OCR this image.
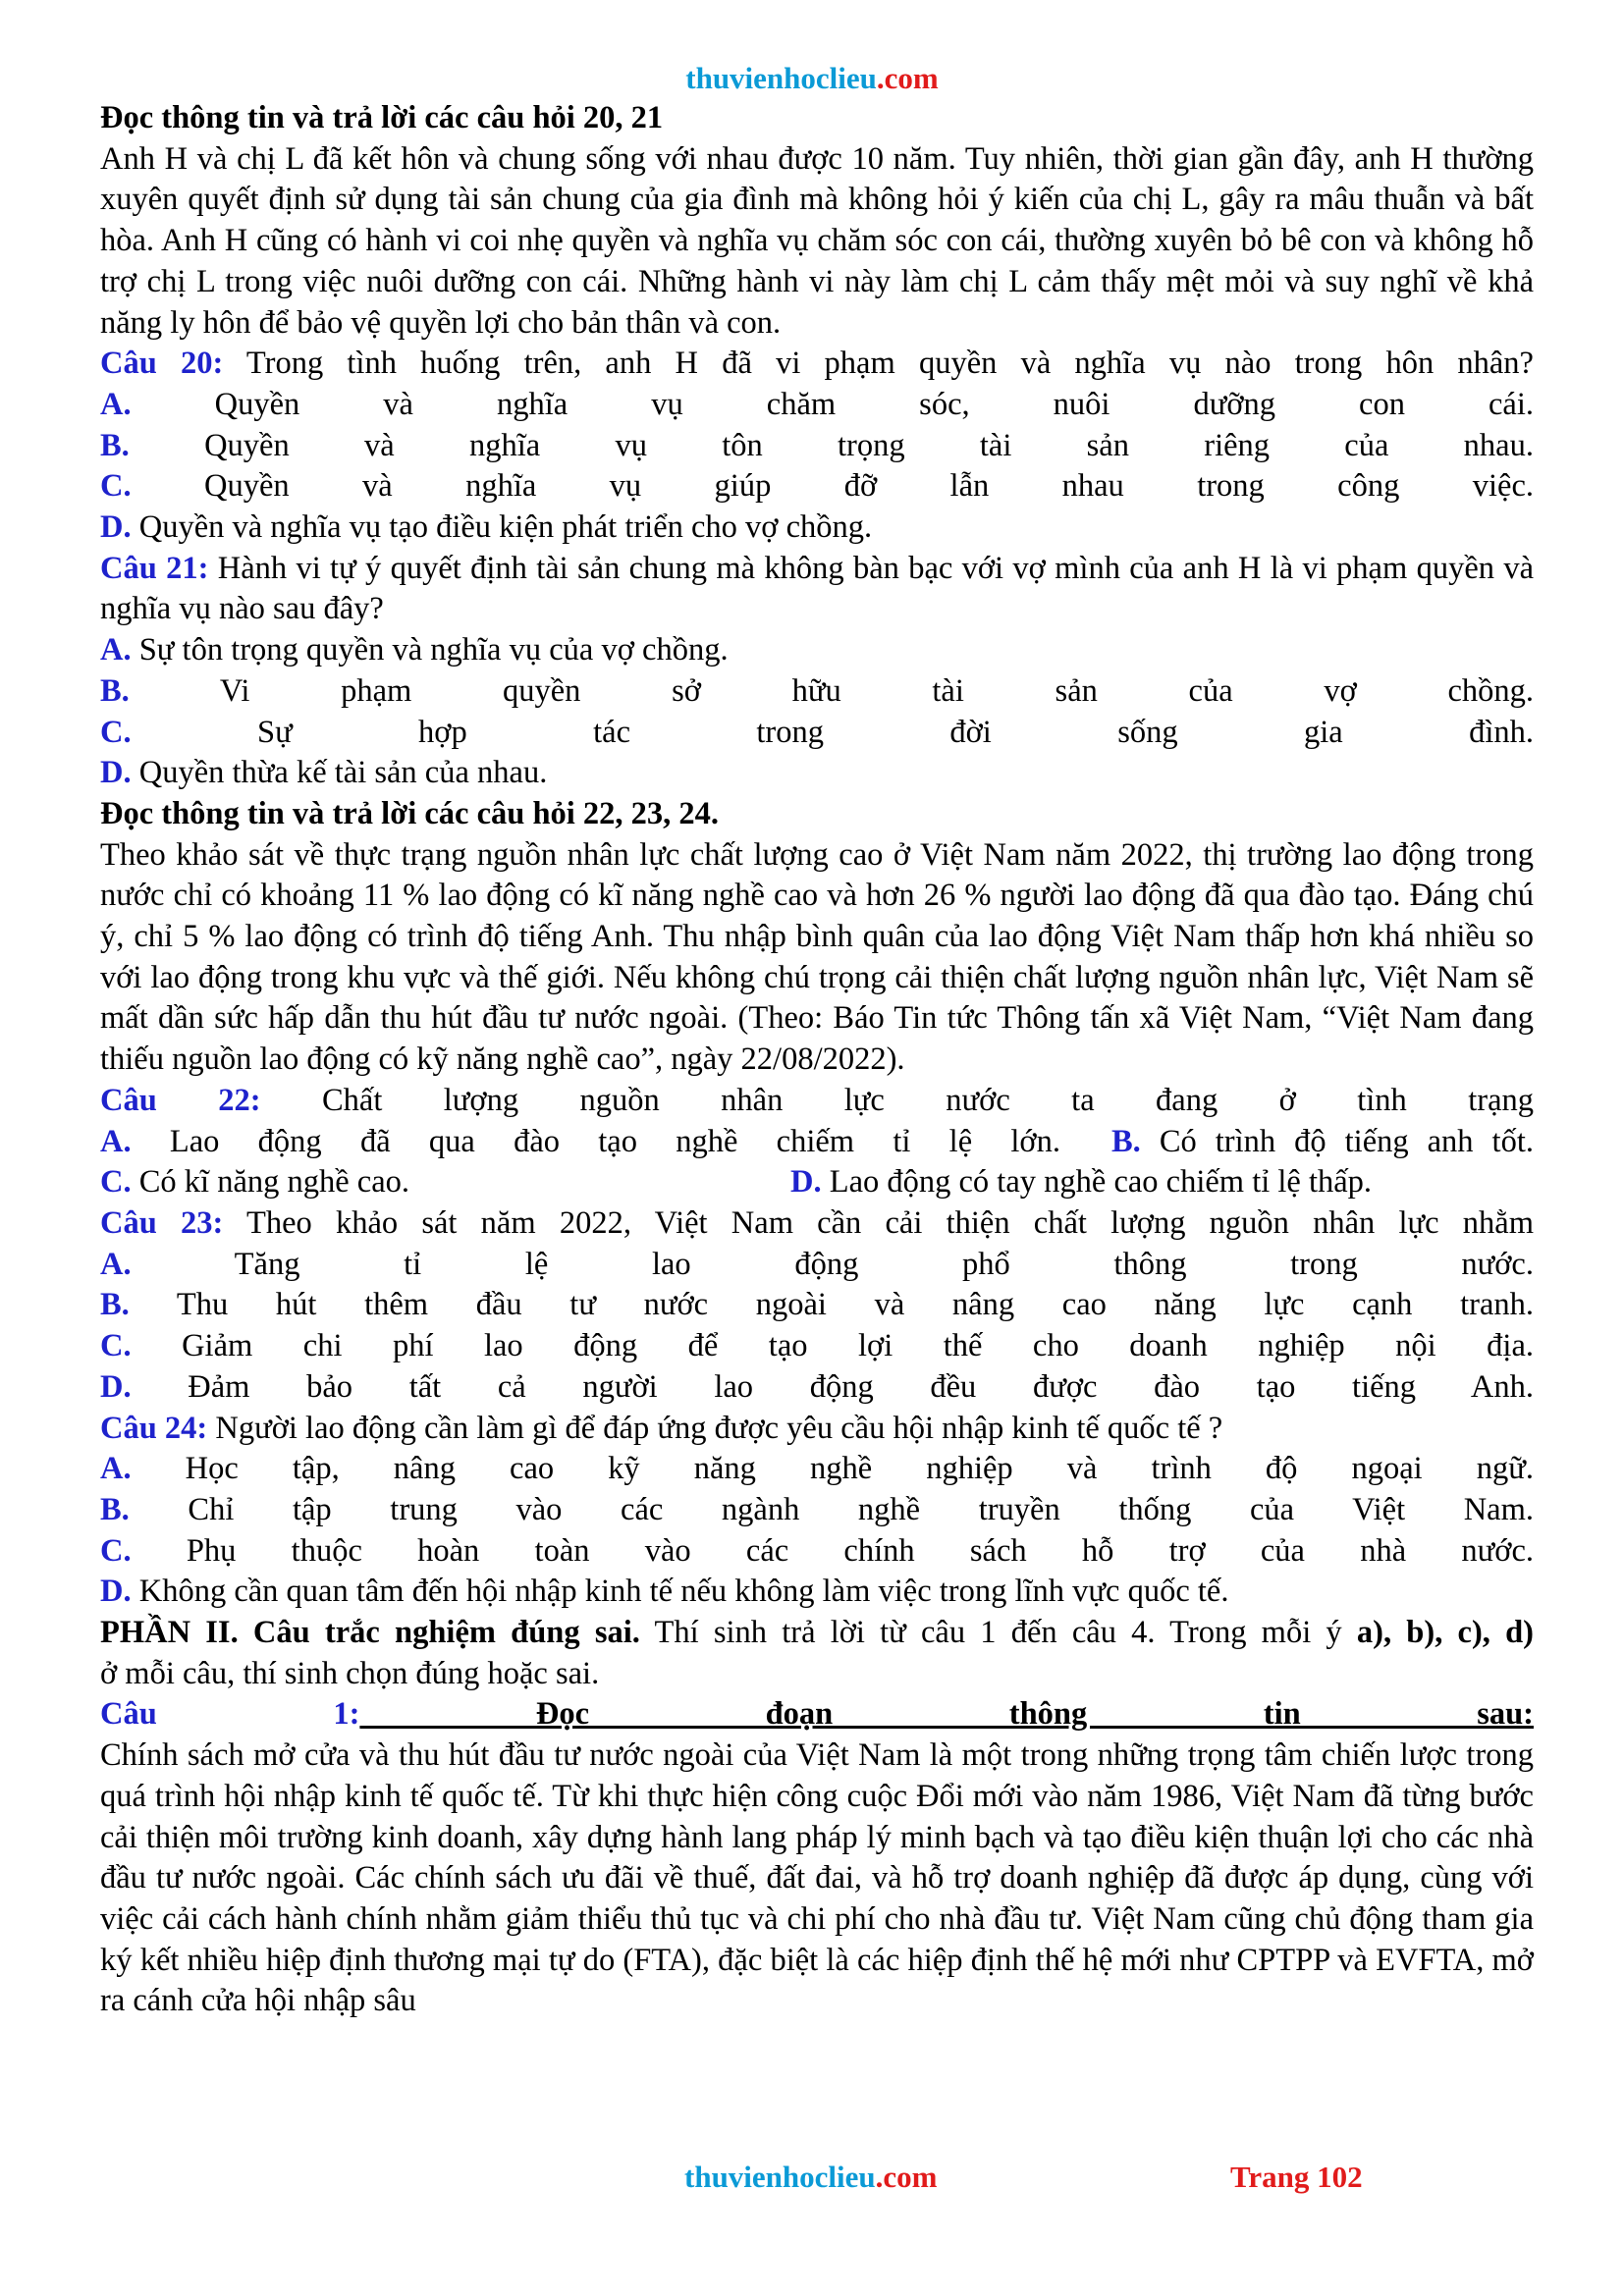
thuvienhoclieu.com
Đọc thông tin và trả lời các câu hỏi 20, 21
Anh H và chị L đã kết hôn và chung sống với nhau được 10 năm. Tuy nhiên, thời gian gần đây, anh H thường xuyên quyết định sử dụng tài sản chung của gia đình mà không hỏi ý kiến của chị L, gây ra mâu thuẫn và bất hòa. Anh H cũng có hành vi coi nhẹ quyền và nghĩa vụ chăm sóc con cái, thường xuyên bỏ bê con và không hỗ trợ chị L trong việc nuôi dưỡng con cái. Những hành vi này làm chị L cảm thấy mệt mỏi và suy nghĩ về khả năng ly hôn để bảo vệ quyền lợi cho bản thân và con.
Câu 20: Trong tình huống trên, anh H đã vi phạm quyền và nghĩa vụ nào trong hôn nhân?
A. Quyền và nghĩa vụ chăm sóc, nuôi dưỡng con cái.
B. Quyền và nghĩa vụ tôn trọng tài sản riêng của nhau.
C. Quyền và nghĩa vụ giúp đỡ lẫn nhau trong công việc.
D. Quyền và nghĩa vụ tạo điều kiện phát triển cho vợ chồng.
Câu 21: Hành vi tự ý quyết định tài sản chung mà không bàn bạc với vợ mình của anh H là vi phạm quyền và nghĩa vụ nào sau đây?
A. Sự tôn trọng quyền và nghĩa vụ của vợ chồng.
B. Vi phạm quyền sở hữu tài sản của vợ chồng.
C. Sự hợp tác trong đời sống gia đình.
D. Quyền thừa kế tài sản của nhau.
Đọc thông tin và trả lời các câu hỏi 22, 23, 24.
Theo khảo sát về thực trạng nguồn nhân lực chất lượng cao ở Việt Nam năm 2022, thị trường lao động trong nước chỉ có khoảng 11 % lao động có kĩ năng nghề cao và hơn 26 % người lao động đã qua đào tạo. Đáng chú ý, chỉ 5 % lao động có trình độ tiếng Anh. Thu nhập bình quân của lao động Việt Nam thấp hơn khá nhiều so với lao động trong khu vực và thế giới. Nếu không chú trọng cải thiện chất lượng nguồn nhân lực, Việt Nam sẽ mất dần sức hấp dẫn thu hút đầu tư nước ngoài. (Theo: Báo Tin tức Thông tấn xã Việt Nam, “Việt Nam đang thiếu nguồn lao động có kỹ năng nghề cao”, ngày 22/08/2022).
Câu 22: Chất lượng nguồn nhân lực nước ta đang ở tình trạng
A. Lao động đã qua đào tạo nghề chiếm tỉ lệ lớn.	B. Có trình độ tiếng anh tốt.
C. Có kĩ năng nghề cao.	D. Lao động có tay nghề cao chiếm tỉ lệ thấp.
Câu 23: Theo khảo sát năm 2022, Việt Nam cần cải thiện chất lượng nguồn nhân lực nhằm
A. Tăng tỉ lệ lao động phổ thông trong nước.
B. Thu hút thêm đầu tư nước ngoài và nâng cao năng lực cạnh tranh.
C. Giảm chi phí lao động để tạo lợi thế cho doanh nghiệp nội địa.
D. Đảm bảo tất cả người lao động đều được đào tạo tiếng Anh.
Câu 24: Người lao động cần làm gì để đáp ứng được yêu cầu hội nhập kinh tế quốc tế ?
A. Học tập, nâng cao kỹ năng nghề nghiệp và trình độ ngoại ngữ.
B. Chỉ tập trung vào các ngành nghề truyền thống của Việt Nam.
C. Phụ thuộc hoàn toàn vào các chính sách hỗ trợ của nhà nước.
D. Không cần quan tâm đến hội nhập kinh tế nếu không làm việc trong lĩnh vực quốc tế.
PHẦN II. Câu trắc nghiệm đúng sai. Thí sinh trả lời từ câu 1 đến câu 4. Trong mỗi ý a), b), c), d)
ở mỗi câu, thí sinh chọn đúng hoặc sai.
Câu 1: Đọc đoạn thông tin sau:
Chính sách mở cửa và thu hút đầu tư nước ngoài của Việt Nam là một trong những trọng tâm chiến lược trong quá trình hội nhập kinh tế quốc tế. Từ khi thực hiện công cuộc Đổi mới vào năm 1986, Việt Nam đã từng bước cải thiện môi trường kinh doanh, xây dựng hành lang pháp lý minh bạch và tạo điều kiện thuận lợi cho các nhà đầu tư nước ngoài. Các chính sách ưu đãi về thuế, đất đai, và hỗ trợ doanh nghiệp đã được áp dụng, cùng với việc cải cách hành chính nhằm giảm thiểu thủ tục và chi phí cho nhà đầu tư. Việt Nam cũng chủ động tham gia ký kết nhiều hiệp định thương mại tự do (FTA), đặc biệt là các hiệp định thế hệ mới như CPTPP và EVFTA, mở ra cánh cửa hội nhập sâu
thuvienhoclieu.com	Trang 102
